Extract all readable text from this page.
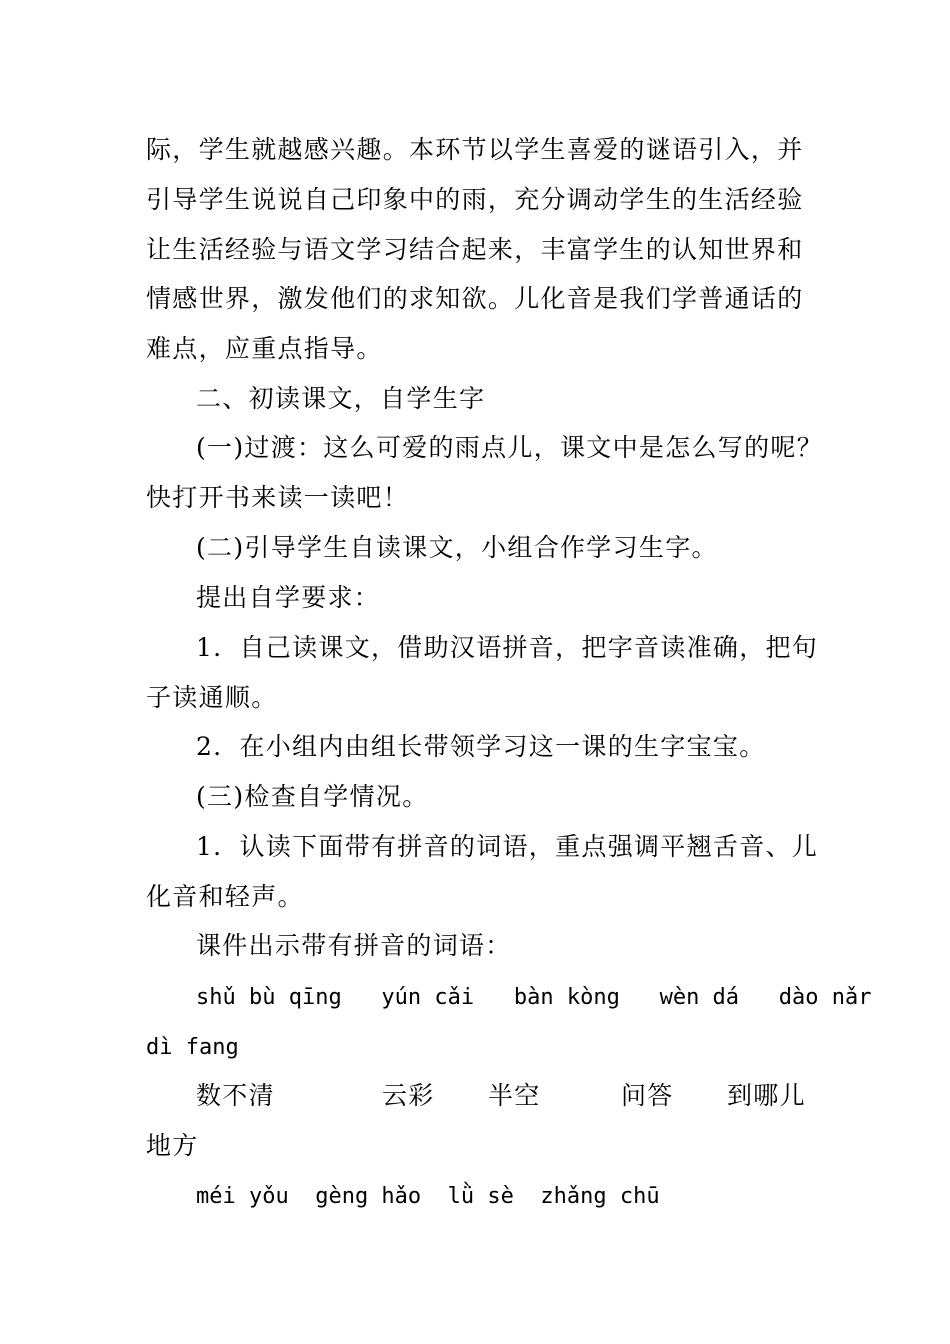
际，学生就越感兴趣。本环节以学生喜爱的谜语引入，并

引导学生说说自己印象中的雨，充分调动学生的生活经验

让生活经验与语文学习结合起来，丰富学生的认知世界和

情感世界，激发他们的求知欲。儿化音是我们学普通话的

难点，应重点指导。

二、初读课文，自学生字

(一)过渡：这么可爱的雨点儿，课文中是怎么写的呢？

快打开书来读一读吧！

(二)引导学生自读课文，小组合作学习生字。

提出自学要求：

1．自己读课文，借助汉语拼音，把字音读准确，把句

子读通顺。

2．在小组内由组长带领学习这一课的生字宝宝。

(三)检查自学情况。

1．认读下面带有拼音的词语，重点强调平翘舌音、儿

化音和轻声。

课件出示带有拼音的词语：

shǔ bù qīng   yún cǎi   bàn kòng   wèn dá   dào nǎr

dì fang

数不清	云彩 半空	问答 到哪儿

地方

méi yǒu  gèng hǎo  lǜ sè  zhǎng chū
